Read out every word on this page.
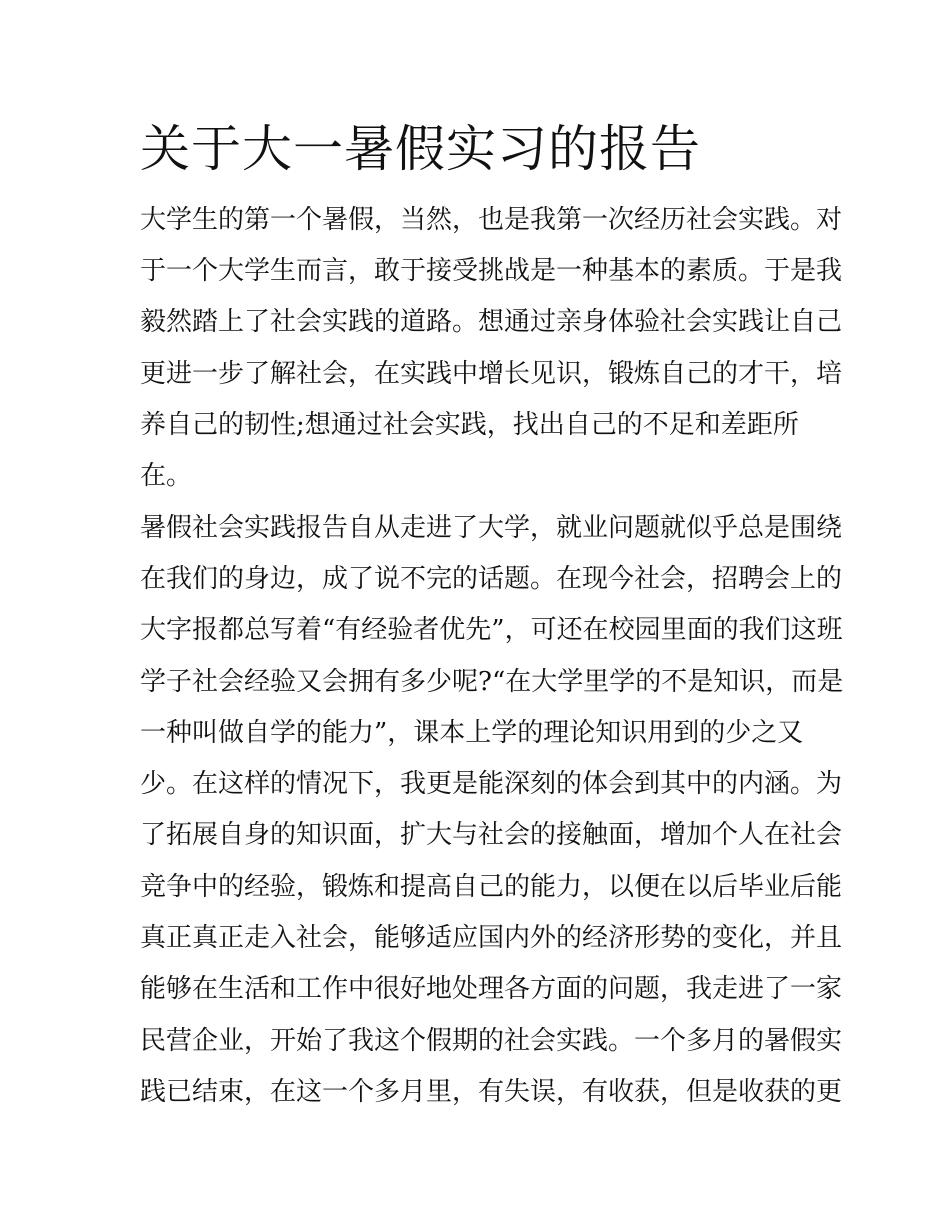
关于大一暑假实习的报告

大学生的第一个暑假，当然，也是我第一次经历社会实践。对

于一个大学生而言，敢于接受挑战是一种基本的素质。于是我

毅然踏上了社会实践的道路。想通过亲身体验社会实践让自己

更进一步了解社会，在实践中增长见识，锻炼自己的才干，培

养自己的韧性;想通过社会实践，找出自己的不足和差距所

在。

暑假社会实践报告自从走进了大学，就业问题就似乎总是围绕

在我们的身边，成了说不完的话题。在现今社会，招聘会上的

大字报都总写着“有经验者优先”，可还在校园里面的我们这班

学子社会经验又会拥有多少呢?“在大学里学的不是知识，而是

一种叫做自学的能力”，课本上学的理论知识用到的少之又

少。在这样的情况下，我更是能深刻的体会到其中的内涵。为

了拓展自身的知识面，扩大与社会的接触面，增加个人在社会

竞争中的经验，锻炼和提高自己的能力，以便在以后毕业后能

真正真正走入社会，能够适应国内外的经济形势的变化，并且

能够在生活和工作中很好地处理各方面的问题，我走进了一家

民营企业，开始了我这个假期的社会实践。一个多月的暑假实

践已结束，在这一个多月里，有失误，有收获，但是收获的更
